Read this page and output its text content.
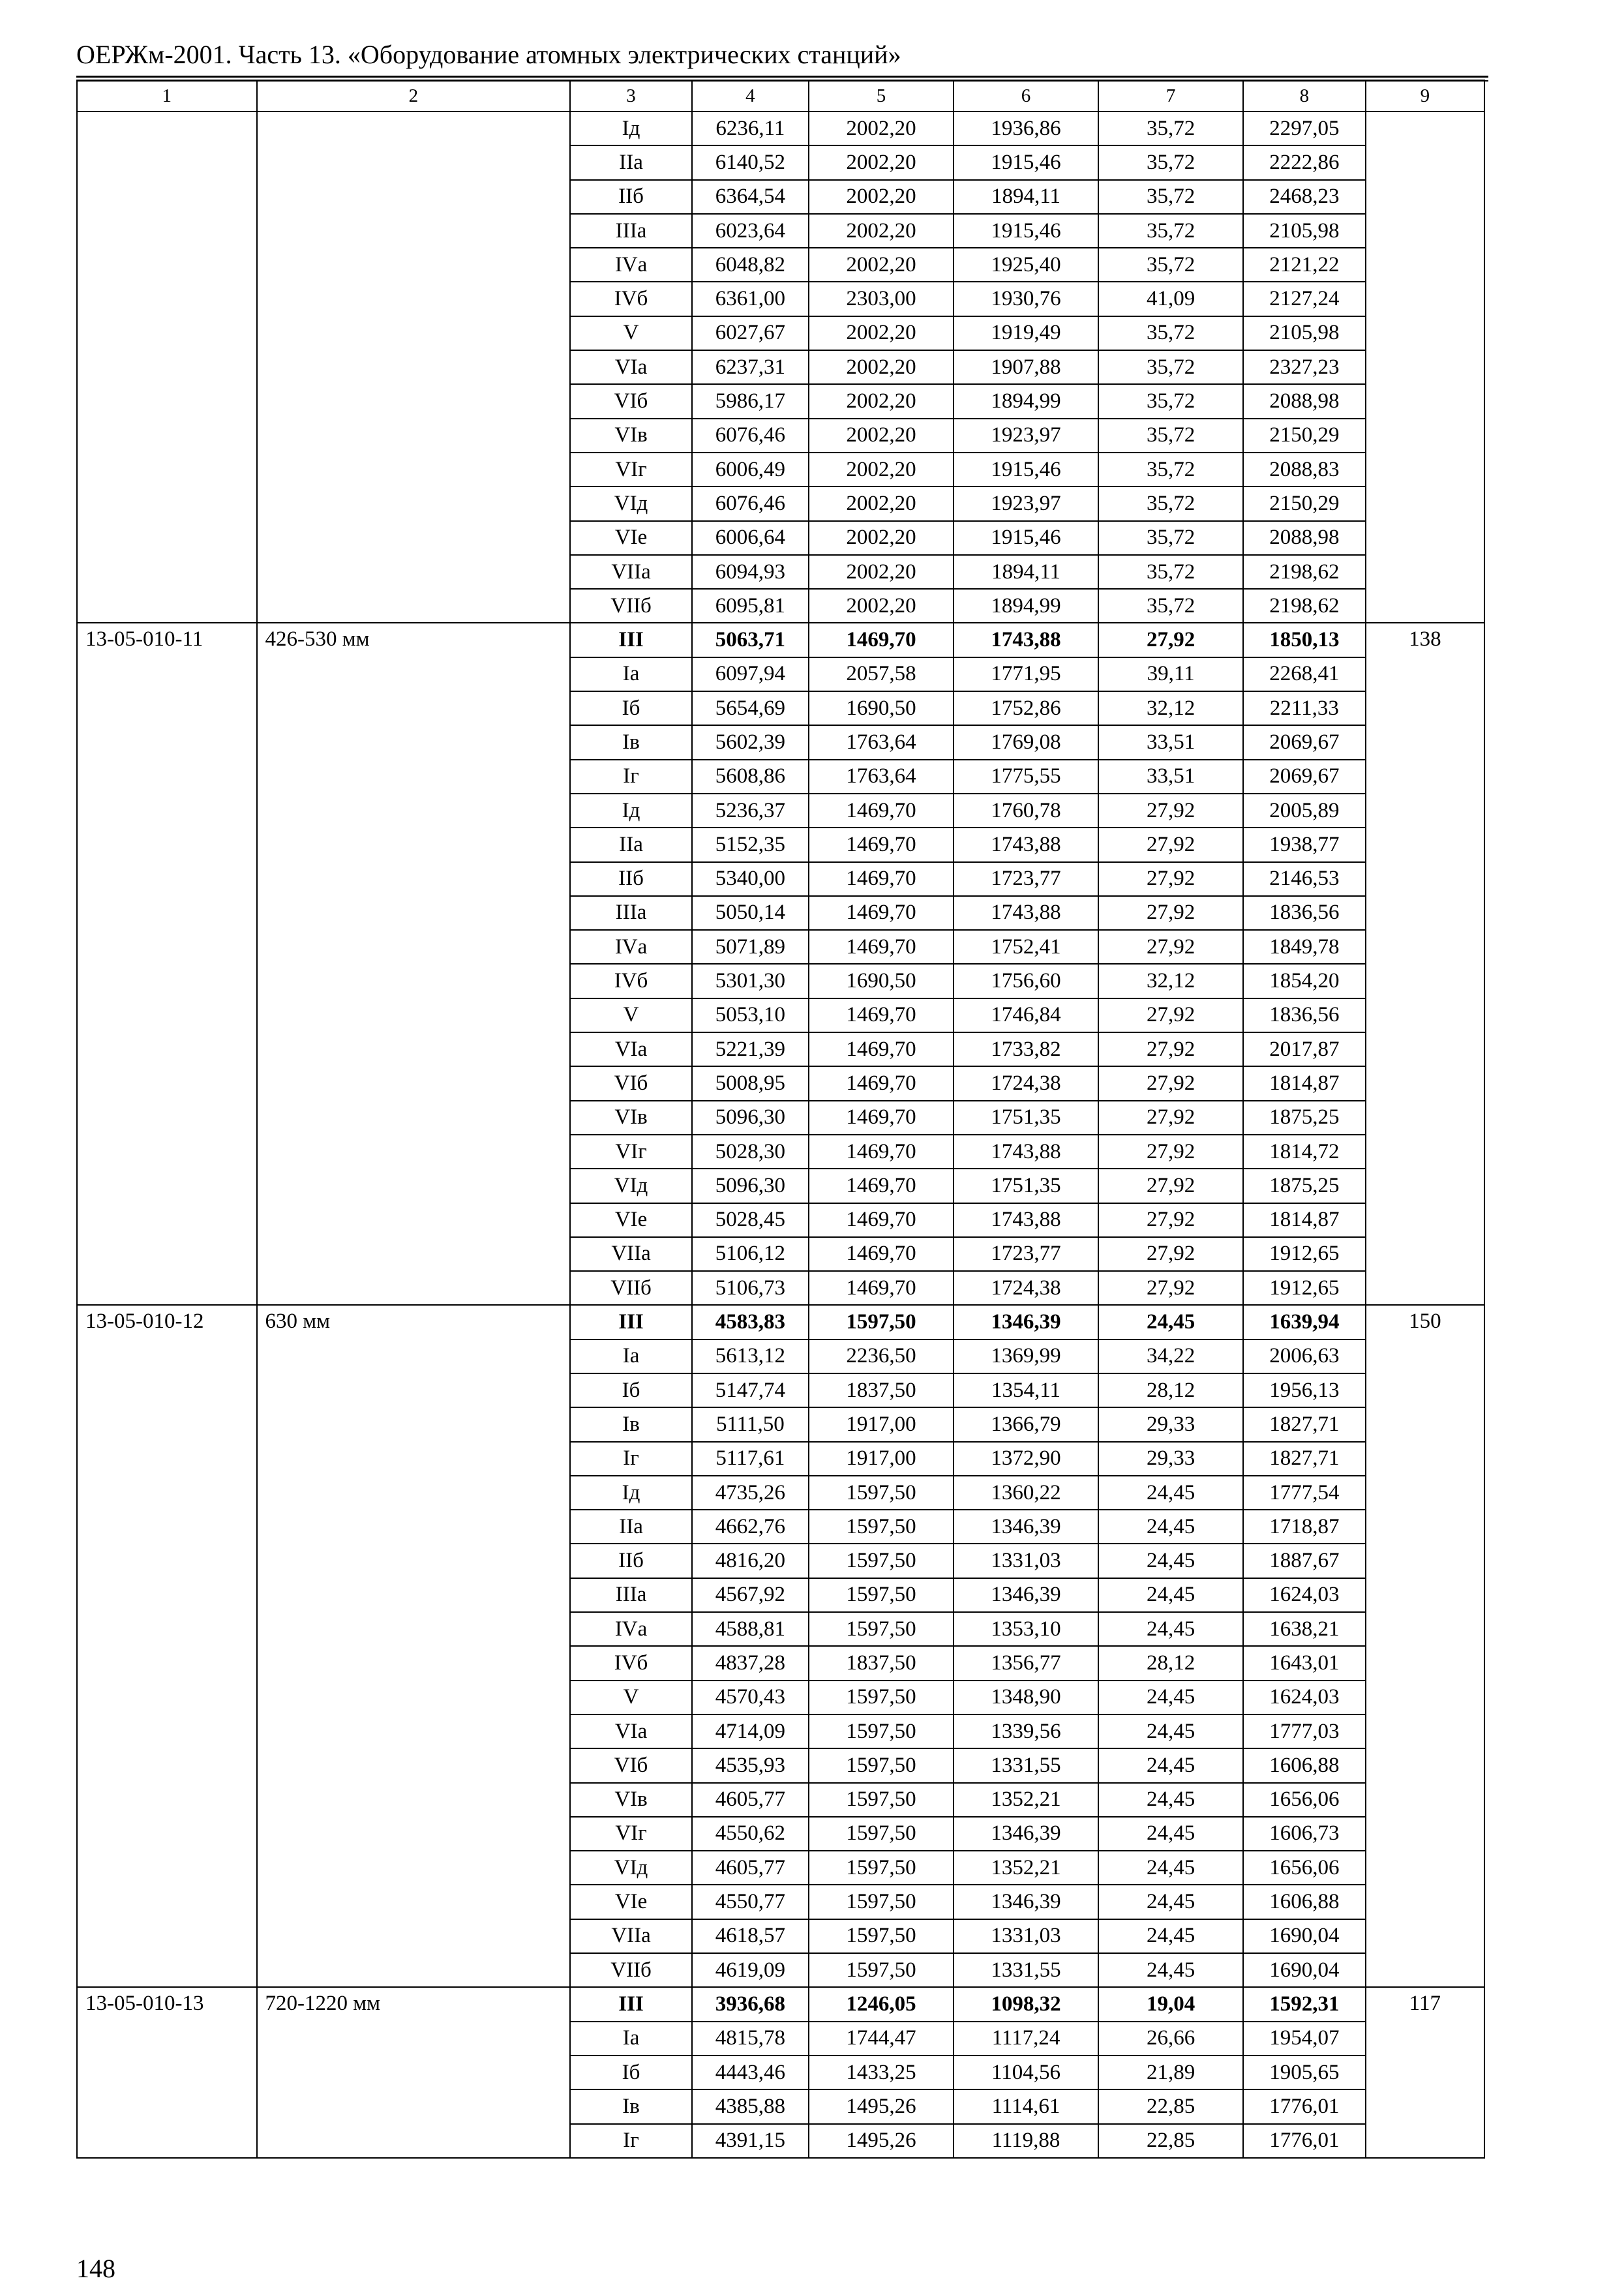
ОЕРЖм-2001. Часть 13. «Оборудование атомных электрических станций»
1	2	3	4	5	6	7	8	9
		Iд	6236,11	2002,20	1936,86	35,72	2297,05	
		IIа	6140,52	2002,20	1915,46	35,72	2222,86	
		IIб	6364,54	2002,20	1894,11	35,72	2468,23	
		IIIа	6023,64	2002,20	1915,46	35,72	2105,98	
		IVа	6048,82	2002,20	1925,40	35,72	2121,22	
		IVб	6361,00	2303,00	1930,76	41,09	2127,24	
		V	6027,67	2002,20	1919,49	35,72	2105,98	
		VIа	6237,31	2002,20	1907,88	35,72	2327,23	
		VIб	5986,17	2002,20	1894,99	35,72	2088,98	
		VIв	6076,46	2002,20	1923,97	35,72	2150,29	
		VIг	6006,49	2002,20	1915,46	35,72	2088,83	
		VIд	6076,46	2002,20	1923,97	35,72	2150,29	
		VIе	6006,64	2002,20	1915,46	35,72	2088,98	
		VIIа	6094,93	2002,20	1894,11	35,72	2198,62	
		VIIб	6095,81	2002,20	1894,99	35,72	2198,62	
13-05-010-11	426-530 мм	III	5063,71	1469,70	1743,88	27,92	1850,13	138
		Iа	6097,94	2057,58	1771,95	39,11	2268,41	
		Iб	5654,69	1690,50	1752,86	32,12	2211,33	
		Iв	5602,39	1763,64	1769,08	33,51	2069,67	
		Iг	5608,86	1763,64	1775,55	33,51	2069,67	
		Iд	5236,37	1469,70	1760,78	27,92	2005,89	
		IIа	5152,35	1469,70	1743,88	27,92	1938,77	
		IIб	5340,00	1469,70	1723,77	27,92	2146,53	
		IIIа	5050,14	1469,70	1743,88	27,92	1836,56	
		IVа	5071,89	1469,70	1752,41	27,92	1849,78	
		IVб	5301,30	1690,50	1756,60	32,12	1854,20	
		V	5053,10	1469,70	1746,84	27,92	1836,56	
		VIа	5221,39	1469,70	1733,82	27,92	2017,87	
		VIб	5008,95	1469,70	1724,38	27,92	1814,87	
		VIв	5096,30	1469,70	1751,35	27,92	1875,25	
		VIг	5028,30	1469,70	1743,88	27,92	1814,72	
		VIд	5096,30	1469,70	1751,35	27,92	1875,25	
		VIе	5028,45	1469,70	1743,88	27,92	1814,87	
		VIIа	5106,12	1469,70	1723,77	27,92	1912,65	
		VIIб	5106,73	1469,70	1724,38	27,92	1912,65	
13-05-010-12	630 мм	III	4583,83	1597,50	1346,39	24,45	1639,94	150
		Iа	5613,12	2236,50	1369,99	34,22	2006,63	
		Iб	5147,74	1837,50	1354,11	28,12	1956,13	
		Iв	5111,50	1917,00	1366,79	29,33	1827,71	
		Iг	5117,61	1917,00	1372,90	29,33	1827,71	
		Iд	4735,26	1597,50	1360,22	24,45	1777,54	
		IIа	4662,76	1597,50	1346,39	24,45	1718,87	
		IIб	4816,20	1597,50	1331,03	24,45	1887,67	
		IIIа	4567,92	1597,50	1346,39	24,45	1624,03	
		IVа	4588,81	1597,50	1353,10	24,45	1638,21	
		IVб	4837,28	1837,50	1356,77	28,12	1643,01	
		V	4570,43	1597,50	1348,90	24,45	1624,03	
		VIа	4714,09	1597,50	1339,56	24,45	1777,03	
		VIб	4535,93	1597,50	1331,55	24,45	1606,88	
		VIв	4605,77	1597,50	1352,21	24,45	1656,06	
		VIг	4550,62	1597,50	1346,39	24,45	1606,73	
		VIд	4605,77	1597,50	1352,21	24,45	1656,06	
		VIе	4550,77	1597,50	1346,39	24,45	1606,88	
		VIIа	4618,57	1597,50	1331,03	24,45	1690,04	
		VIIб	4619,09	1597,50	1331,55	24,45	1690,04	
13-05-010-13	720-1220 мм	III	3936,68	1246,05	1098,32	19,04	1592,31	117
		Iа	4815,78	1744,47	1117,24	26,66	1954,07	
		Iб	4443,46	1433,25	1104,56	21,89	1905,65	
		Iв	4385,88	1495,26	1114,61	22,85	1776,01	
		Iг	4391,15	1495,26	1119,88	22,85	1776,01	
148
